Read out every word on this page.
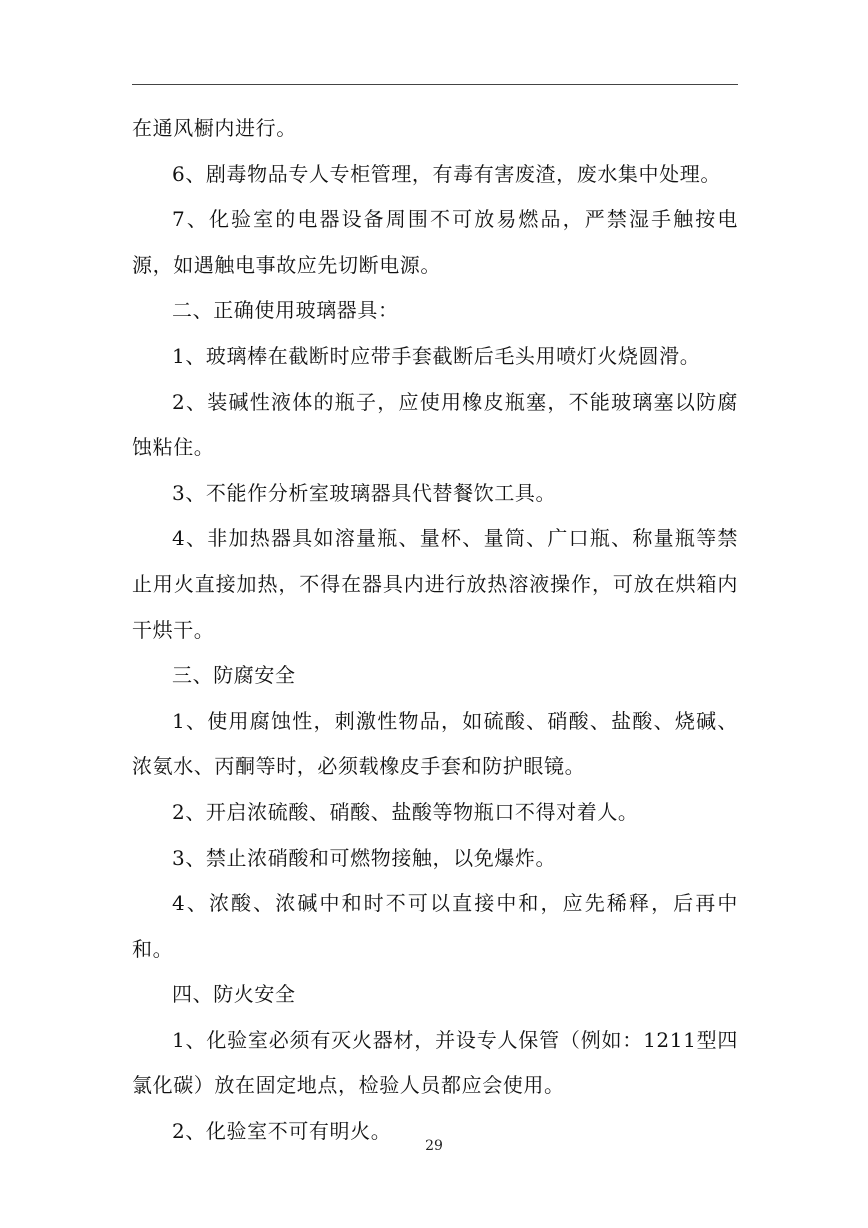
在通风橱内进行。

6、剧毒物品专人专柜管理，有毒有害废渣，废水集中处理。

7、化验室的电器设备周围不可放易燃品，严禁湿手触按电源，如遇触电事故应先切断电源。

二、正确使用玻璃器具：

1、玻璃棒在截断时应带手套截断后毛头用喷灯火烧圆滑。

2、装碱性液体的瓶子，应使用橡皮瓶塞，不能玻璃塞以防腐蚀粘住。

3、不能作分析室玻璃器具代替餐饮工具。

4、非加热器具如溶量瓶、量杯、量筒、广口瓶、称量瓶等禁止用火直接加热，不得在器具内进行放热溶液操作，可放在烘箱内干烘干。

三、防腐安全

1、使用腐蚀性，刺激性物品，如硫酸、硝酸、盐酸、烧碱、浓氨水、丙酮等时，必须载橡皮手套和防护眼镜。

2、开启浓硫酸、硝酸、盐酸等物瓶口不得对着人。

3、禁止浓硝酸和可燃物接触，以免爆炸。

4、浓酸、浓碱中和时不可以直接中和，应先稀释，后再中和。

四、防火安全

1、化验室必须有灭火器材，并设专人保管（例如：1211型四氯化碳）放在固定地点，检验人员都应会使用。

2、化验室不可有明火。

29
